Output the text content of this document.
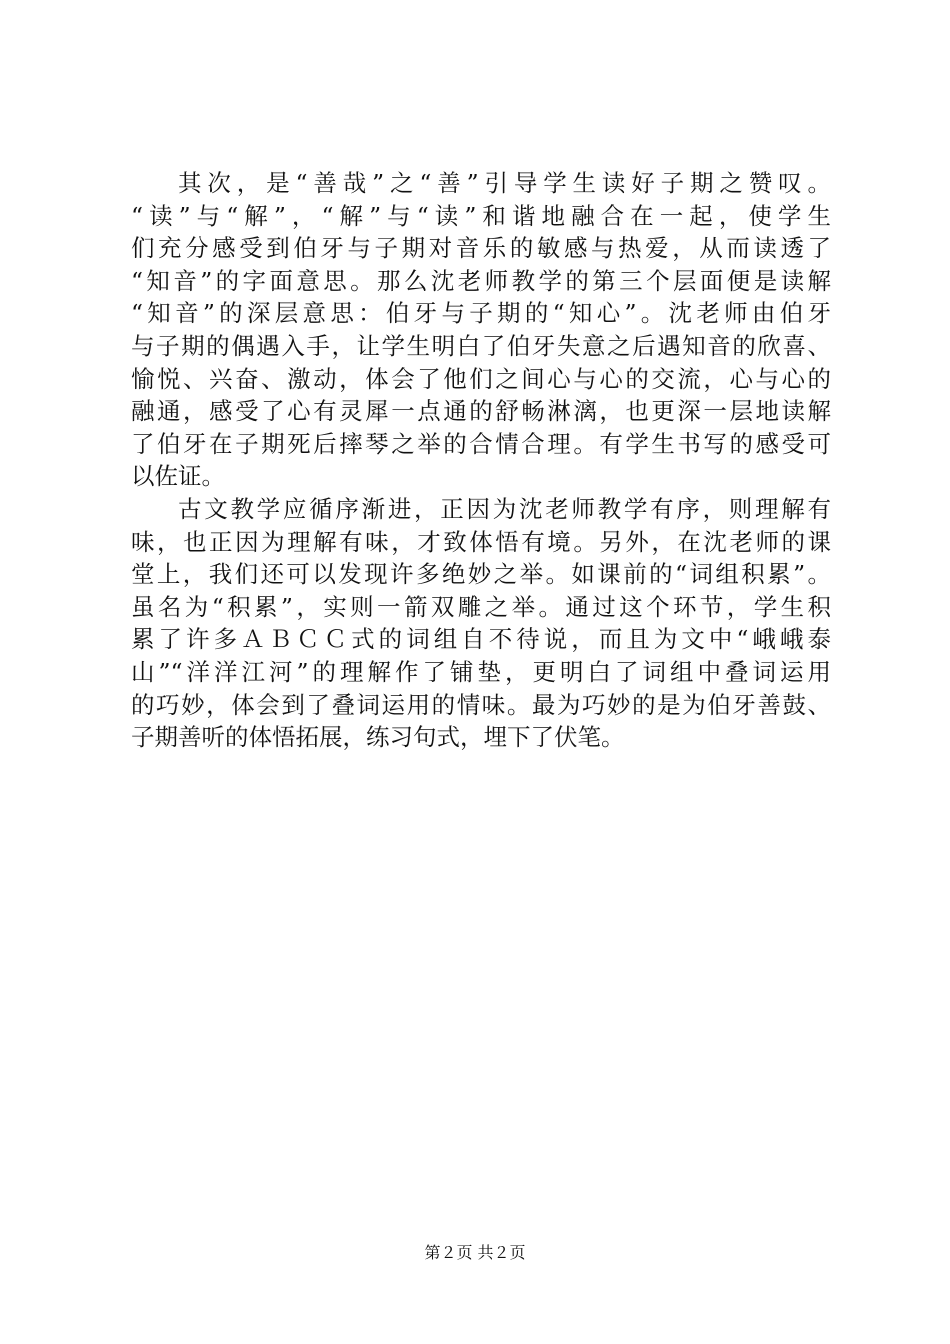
其次，是“善哉”之“善”引导学生读好子期之赞叹。
“读”与“解”，“解”与“读”和谐地融合在一起，使学生
们充分感受到伯牙与子期对音乐的敏感与热爱，从而读透了
“知音”的字面意思。那么沈老师教学的第三个层面便是读解
“知音”的深层意思：伯牙与子期的“知心”。沈老师由伯牙
与子期的偶遇入手，让学生明白了伯牙失意之后遇知音的欣喜、
愉悦、兴奋、激动，体会了他们之间心与心的交流，心与心的
融通，感受了心有灵犀一点通的舒畅淋漓，也更深一层地读解
了伯牙在子期死后摔琴之举的合情合理。有学生书写的感受可
以佐证。
古文教学应循序渐进，正因为沈老师教学有序，则理解有
味，也正因为理解有味，才致体悟有境。另外，在沈老师的课
堂上，我们还可以发现许多绝妙之举。如课前的“词组积累”。
虽名为“积累”，实则一箭双雕之举。通过这个环节，学生积
累了许多ＡＢＣＣ式的词组自不待说，而且为文中“峨峨泰
山”“洋洋江河”的理解作了铺垫，更明白了词组中叠词运用
的巧妙，体会到了叠词运用的情味。最为巧妙的是为伯牙善鼓、
子期善听的体悟拓展，练习句式，埋下了伏笔。
第２页 共２页
